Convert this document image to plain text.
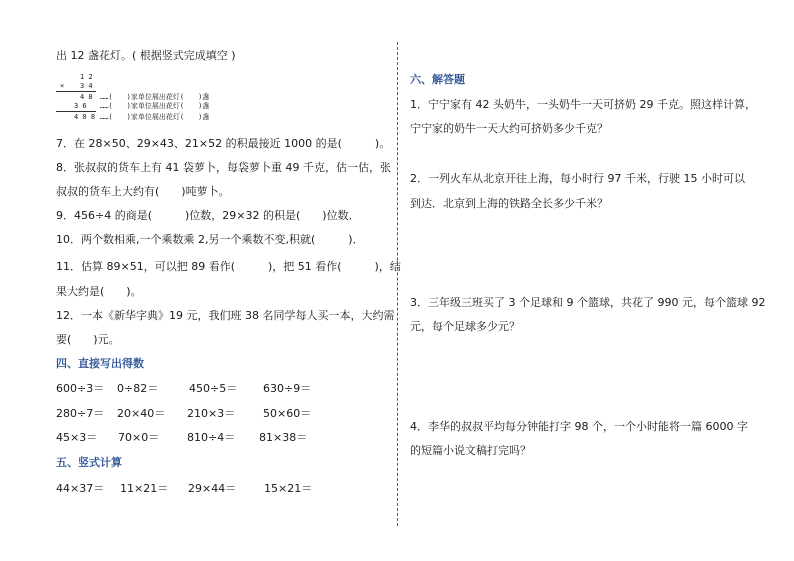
出 12 盏花灯。( 根据竖式完成填空 )
1 2
× 3 4
4 8 ……(　　)家单位展出花灯(　　)盏
3 6 ……(　　)家单位展出花灯(　　)盏
4 0 8 ……(　　)家单位展出花灯(　　)盏
7．在 28×50、29×43、21×52 的积最接近 1000 的是(　　　)。
8．张叔叔的货车上有 41 袋萝卜，每袋萝卜重 49 千克，估一估，张
叔叔的货车上大约有(　　)吨萝卜。
9．456÷4 的商是(　　　)位数，29×32 的积是(　　)位数．
10．两个数相乘,一个乘数乘 2,另一个乘数不变,积就(　　　)．
11．估算 89×51，可以把 89 看作(　　　)，把 51 看作(　　　)，结
果大约是(　　)。
12．一本《新华字典》19 元，我们班 38 名同学每人买一本，大约需
要(　　)元。
四、直接写出得数
600÷3＝ 0÷82＝	450÷5＝ 630÷9＝
280÷7＝ 20×40＝ 210×3＝	50×60＝
45×3＝ 70×0＝	810÷4＝ 81×38＝
五、竖式计算
44×37＝ 11×21＝ 29×44＝	15×21＝
六、解答题
1．宁宁家有 42 头奶牛，一头奶牛一天可挤奶 29 千克。照这样计算，
宁宁家的奶牛一天大约可挤奶多少千克？
2．一列火车从北京开往上海，每小时行 97 千米，行驶 15 小时可以
到达．北京到上海的铁路全长多少千米？
3．三年级三班买了 3 个足球和 9 个篮球，共花了 990 元，每个篮球 92
元，每个足球多少元？
4．李华的叔叔平均每分钟能打字 98 个，一个小时能将一篇 6000 字
的短篇小说文稿打完吗？
